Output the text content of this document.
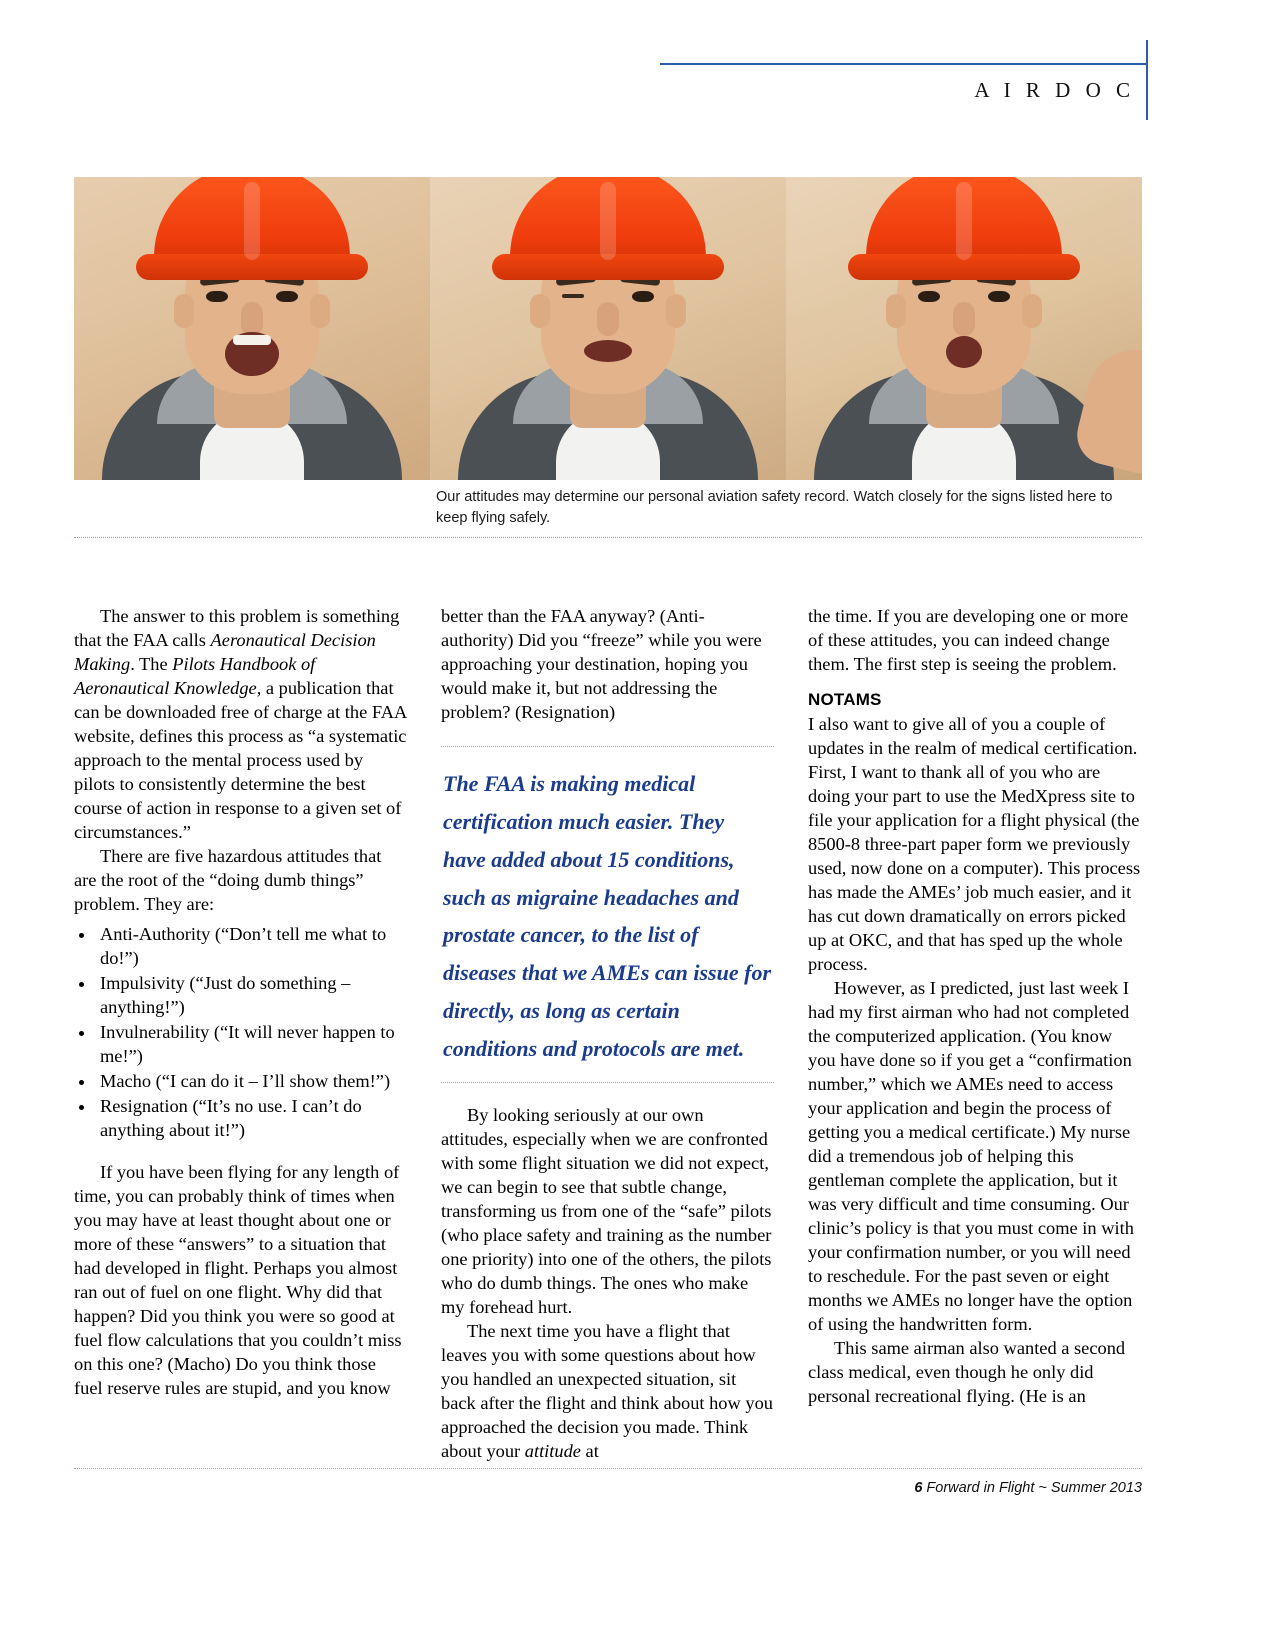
A I R D O C
Our attitudes may determine our personal aviation safety record. Watch closely for the signs listed here to keep flying safely.

The answer to this problem is something that the FAA calls Aeronautical Decision Making. The Pilots Handbook of Aeronautical Knowledge, a publication that can be downloaded free of charge at the FAA website, defines this process as “a systematic approach to the mental process used by pilots to consistently determine the best course of action in response to a given set of circumstances.”

There are five hazardous attitudes that are the root of the “doing dumb things” problem. They are:

• Anti-Authority (“Don’t tell me what to do!”)
• Impulsivity (“Just do something – anything!”)
• Invulnerability (“It will never happen to me!”)
• Macho (“I can do it – I’ll show them!”)
• Resignation (“It’s no use. I can’t do anything about it!”)

If you have been flying for any length of time, you can probably think of times when you may have at least thought about one or more of these “answers” to a situation that had developed in flight. Perhaps you almost ran out of fuel on one flight. Why did that happen? Did you think you were so good at fuel flow calculations that you couldn’t miss on this one? (Macho) Do you think those fuel reserve rules are stupid, and you know

better than the FAA anyway? (Anti-authority) Did you “freeze” while you were approaching your destination, hoping you would make it, but not addressing the problem? (Resignation)

The FAA is making medical certification much easier. They have added about 15 conditions, such as migraine headaches and prostate cancer, to the list of diseases that we AMEs can issue for directly, as long as certain conditions and protocols are met.

By looking seriously at our own attitudes, especially when we are confronted with some flight situation we did not expect, we can begin to see that subtle change, transforming us from one of the “safe” pilots (who place safety and training as the number one priority) into one of the others, the pilots who do dumb things. The ones who make my forehead hurt.

The next time you have a flight that leaves you with some questions about how you handled an unexpected situation, sit back after the flight and think about how you approached the decision you made. Think about your attitude at

the time. If you are developing one or more of these attitudes, you can indeed change them. The first step is seeing the problem.

NOTAMS

I also want to give all of you a couple of updates in the realm of medical certification. First, I want to thank all of you who are doing your part to use the MedXpress site to file your application for a flight physical (the 8500-8 three-part paper form we previously used, now done on a computer). This process has made the AMEs’ job much easier, and it has cut down dramatically on errors picked up at OKC, and that has sped up the whole process.

However, as I predicted, just last week I had my first airman who had not completed the computerized application. (You know you have done so if you get a “confirmation number,” which we AMEs need to access your application and begin the process of getting you a medical certificate.) My nurse did a tremendous job of helping this gentleman complete the application, but it was very difficult and time consuming. Our clinic’s policy is that you must come in with your confirmation number, or you will need to reschedule. For the past seven or eight months we AMEs no longer have the option of using the handwritten form.

This same airman also wanted a second class medical, even though he only did personal recreational flying. (He is an

6 Forward in Flight ~ Summer 2013
